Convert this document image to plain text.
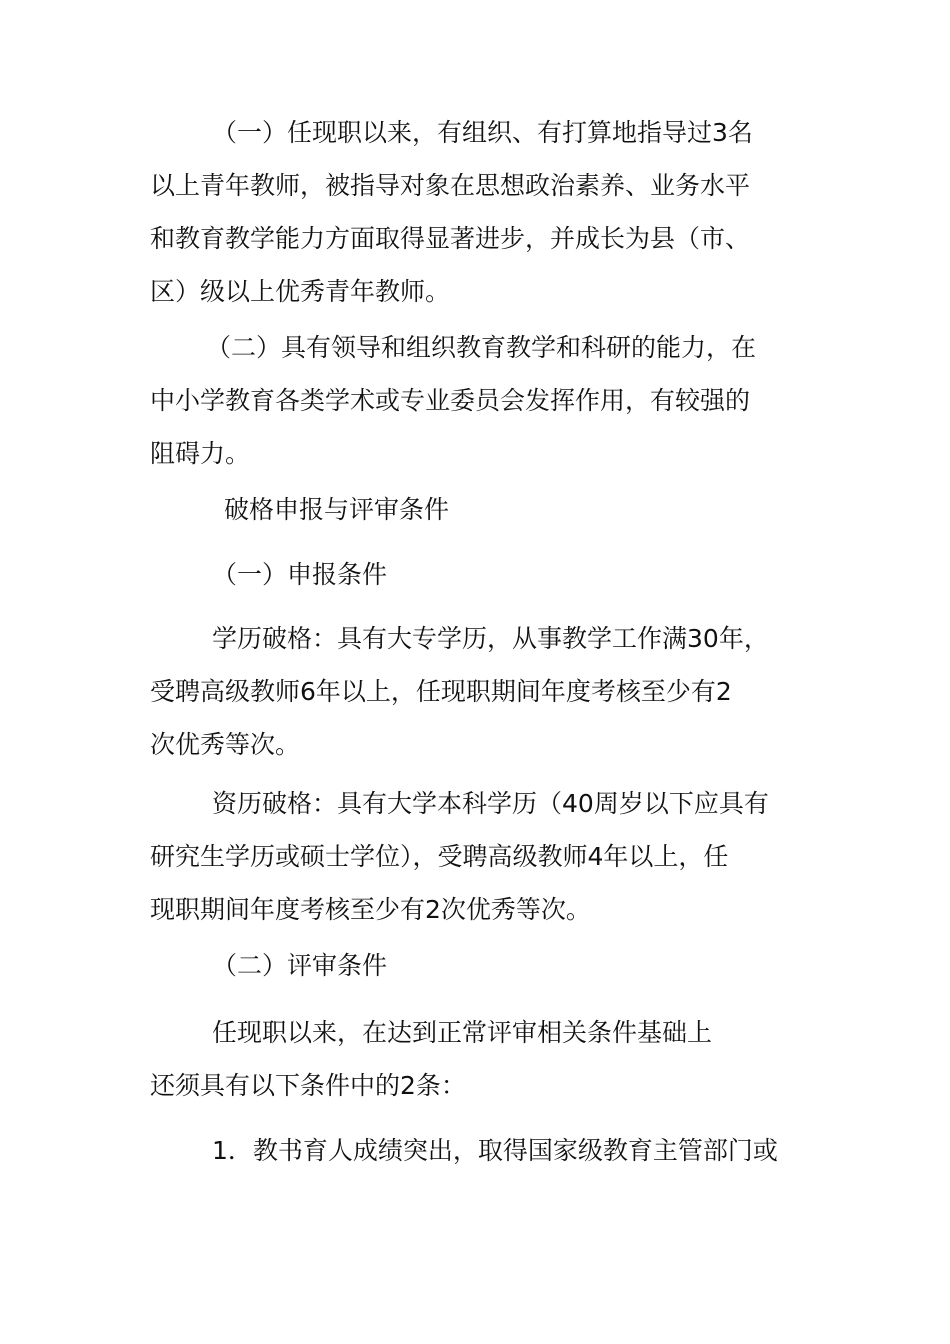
（一）任现职以来，有组织、有打算地指导过3名
以上青年教师，被指导对象在思想政治素养、业务水平
和教育教学能力方面取得显著进步，并成长为县（市、
区）级以上优秀青年教师。

（二）具有领导和组织教育教学和科研的能力，在
中小学教育各类学术或专业委员会发挥作用，有较强的
阻碍力。

破格申报与评审条件
（一）申报条件

学历破格：具有大专学历，从事教学工作满30年，
受聘高级教师6年以上，任现职期间年度考核至少有2
次优秀等次。

资历破格：具有大学本科学历（40周岁以下应具有
研究生学历或硕士学位），受聘高级教师4年以上，任
现职期间年度考核至少有2次优秀等次。

（二）评审条件

任现职以来，在达到正常评审相关条件基础上
还须具有以下条件中的2条：

1．教书育人成绩突出，取得国家级教育主管部门或
